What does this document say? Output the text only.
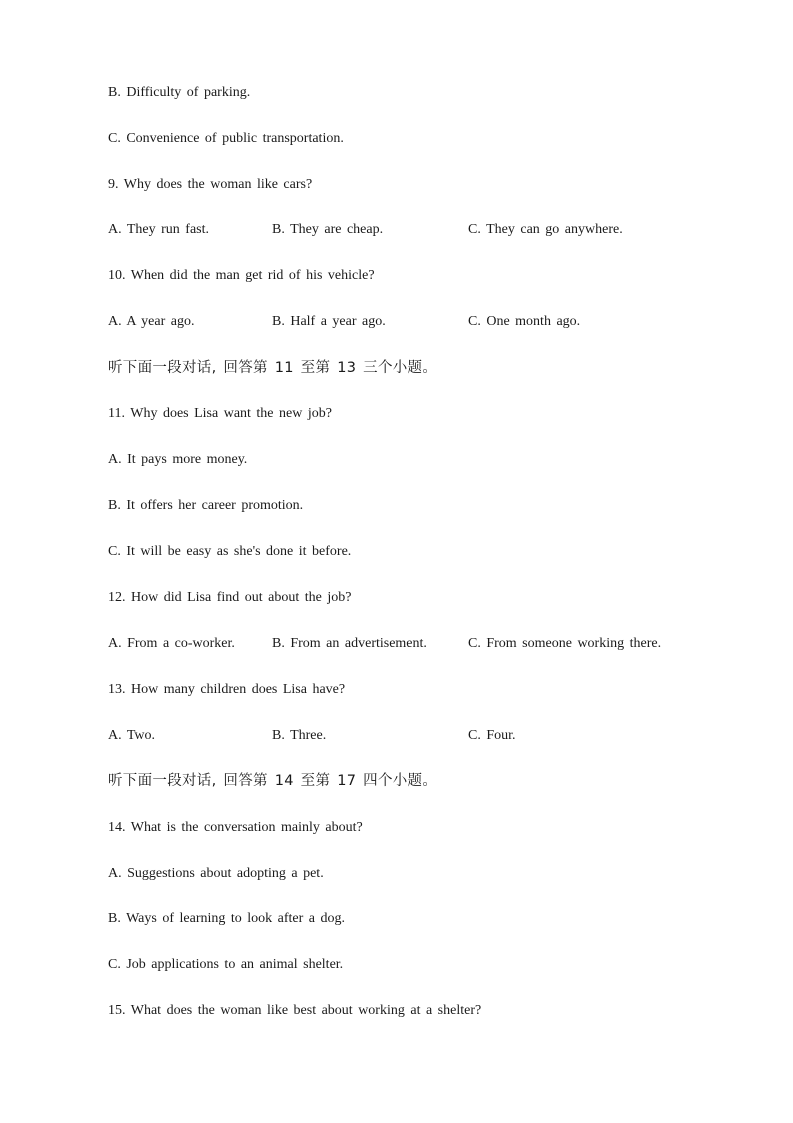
B. Difficulty of parking.
C. Convenience of public transportation.
9. Why does the woman like cars?
A. They run fast.	B. They are cheap.	C. They can go anywhere.
10. When did the man get rid of his vehicle?
A. A year ago.	B. Half a year ago.	C. One month ago.
听下面一段对话, 回答第 11 至第 13 三个小题。
11. Why does Lisa want the new job?
A. It pays more money.
B. It offers her career promotion.
C. It will be easy as she's done it before.
12. How did Lisa find out about the job?
A. From a co-worker.	B. From an advertisement.	C. From someone working there.
13. How many children does Lisa have?
A. Two.	B. Three.	C. Four.
听下面一段对话, 回答第 14 至第 17 四个小题。
14. What is the conversation mainly about?
A. Suggestions about adopting a pet.
B. Ways of learning to look after a dog.
C. Job applications to an animal shelter.
15. What does the woman like best about working at a shelter?
